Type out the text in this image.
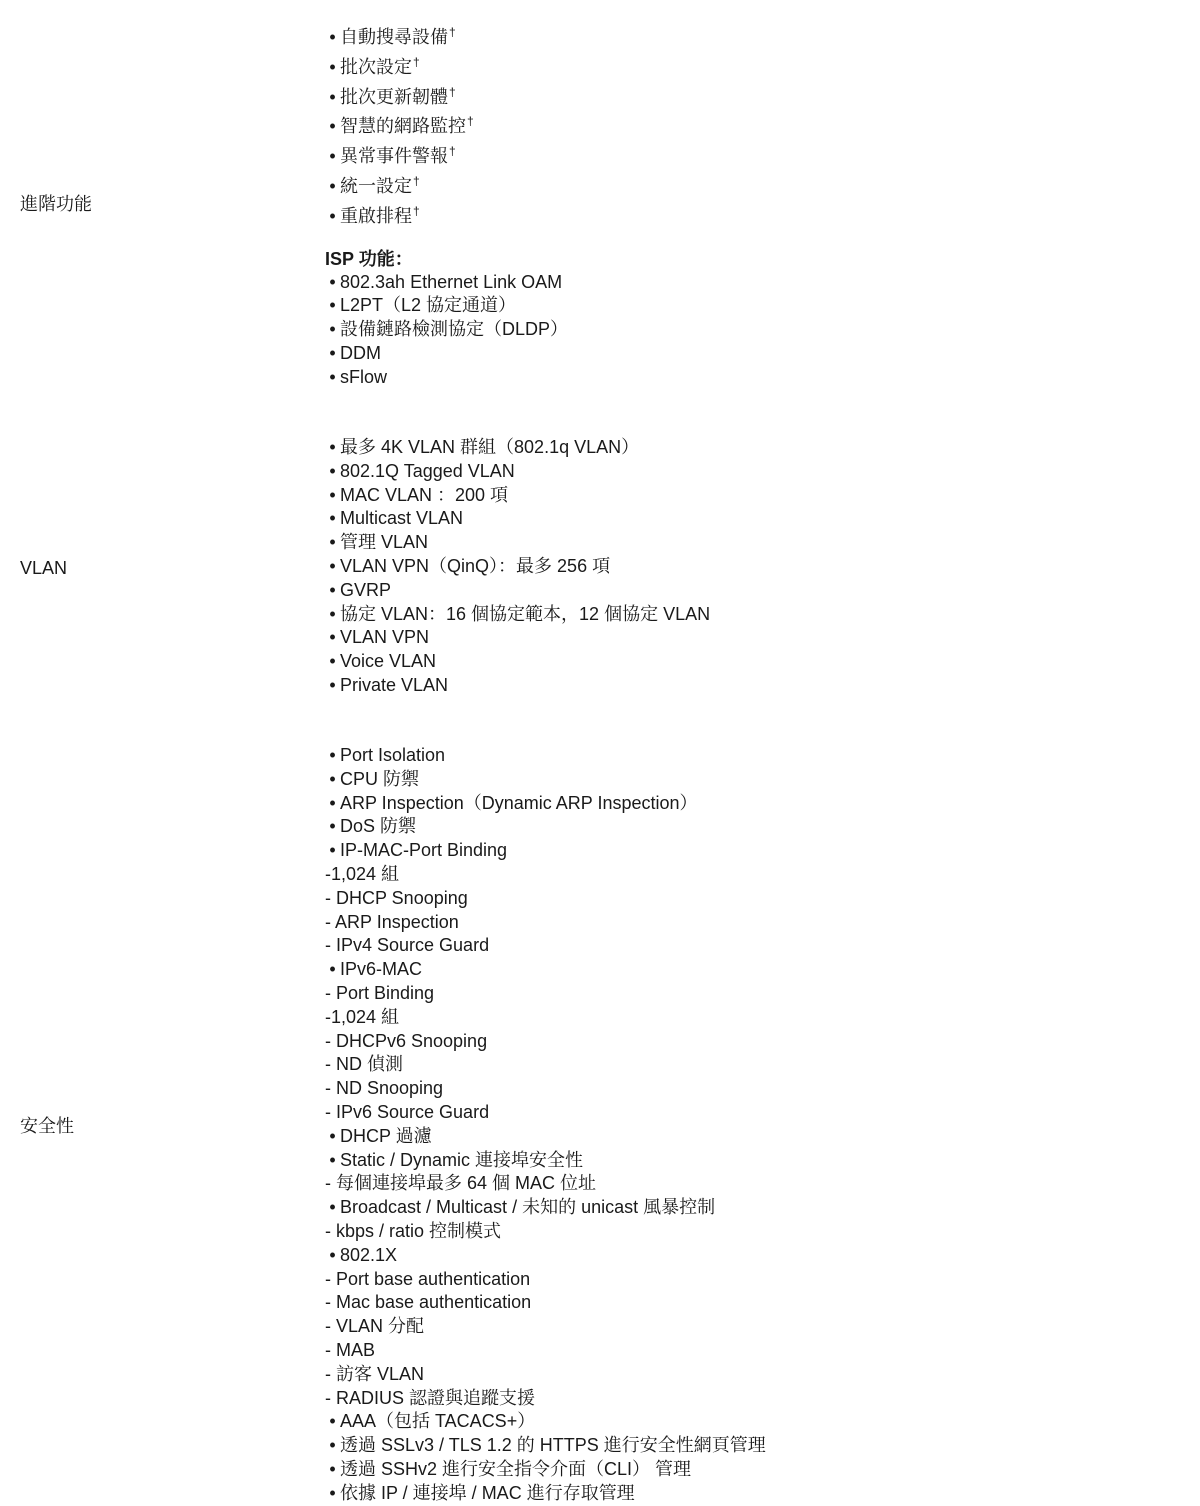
進階功能
• 自動搜尋設備†
• 批次設定†
• 批次更新韌體†
• 智慧的網路監控†
• 異常事件警報†
• 統一設定†
• 重啟排程†
ISP 功能：
• 802.3ah Ethernet Link OAM
• L2PT（L2 協定通道）
• 設備鏈路檢測協定（DLDP）
• DDM
• sFlow
VLAN
• 最多 4K VLAN 群組（802.1q VLAN）
• 802.1Q Tagged VLAN
• MAC VLAN ：200 項
• Multicast VLAN
• 管理 VLAN
• VLAN VPN（QinQ）：最多 256 項
• GVRP
• 協定 VLAN：16 個協定範本，12 個協定 VLAN
• VLAN VPN
• Voice VLAN
• Private VLAN
安全性
• Port Isolation
• CPU 防禦
• ARP Inspection（Dynamic ARP Inspection）
• DoS 防禦
• IP-MAC-Port Binding
-1,024 組
- DHCP Snooping
- ARP Inspection
- IPv4 Source Guard
• IPv6-MAC
- Port Binding
-1,024 組
- DHCPv6 Snooping
- ND 偵測
- ND Snooping
- IPv6 Source Guard
• DHCP 過濾
• Static / Dynamic 連接埠安全性
- 每個連接埠最多 64 個 MAC 位址
• Broadcast / Multicast / 未知的 unicast 風暴控制
- kbps / ratio 控制模式
• 802.1X
- Port base authentication
- Mac base authentication
- VLAN 分配
- MAB
- 訪客 VLAN
- RADIUS 認證與追蹤支援
• AAA（包括 TACACS+）
• 透過 SSLv3 / TLS 1.2 的 HTTPS 進行安全性網頁管理
• 透過 SSHv2 進行安全指令介面（CLI） 管理
• 依據 IP / 連接埠 / MAC 進行存取管理
